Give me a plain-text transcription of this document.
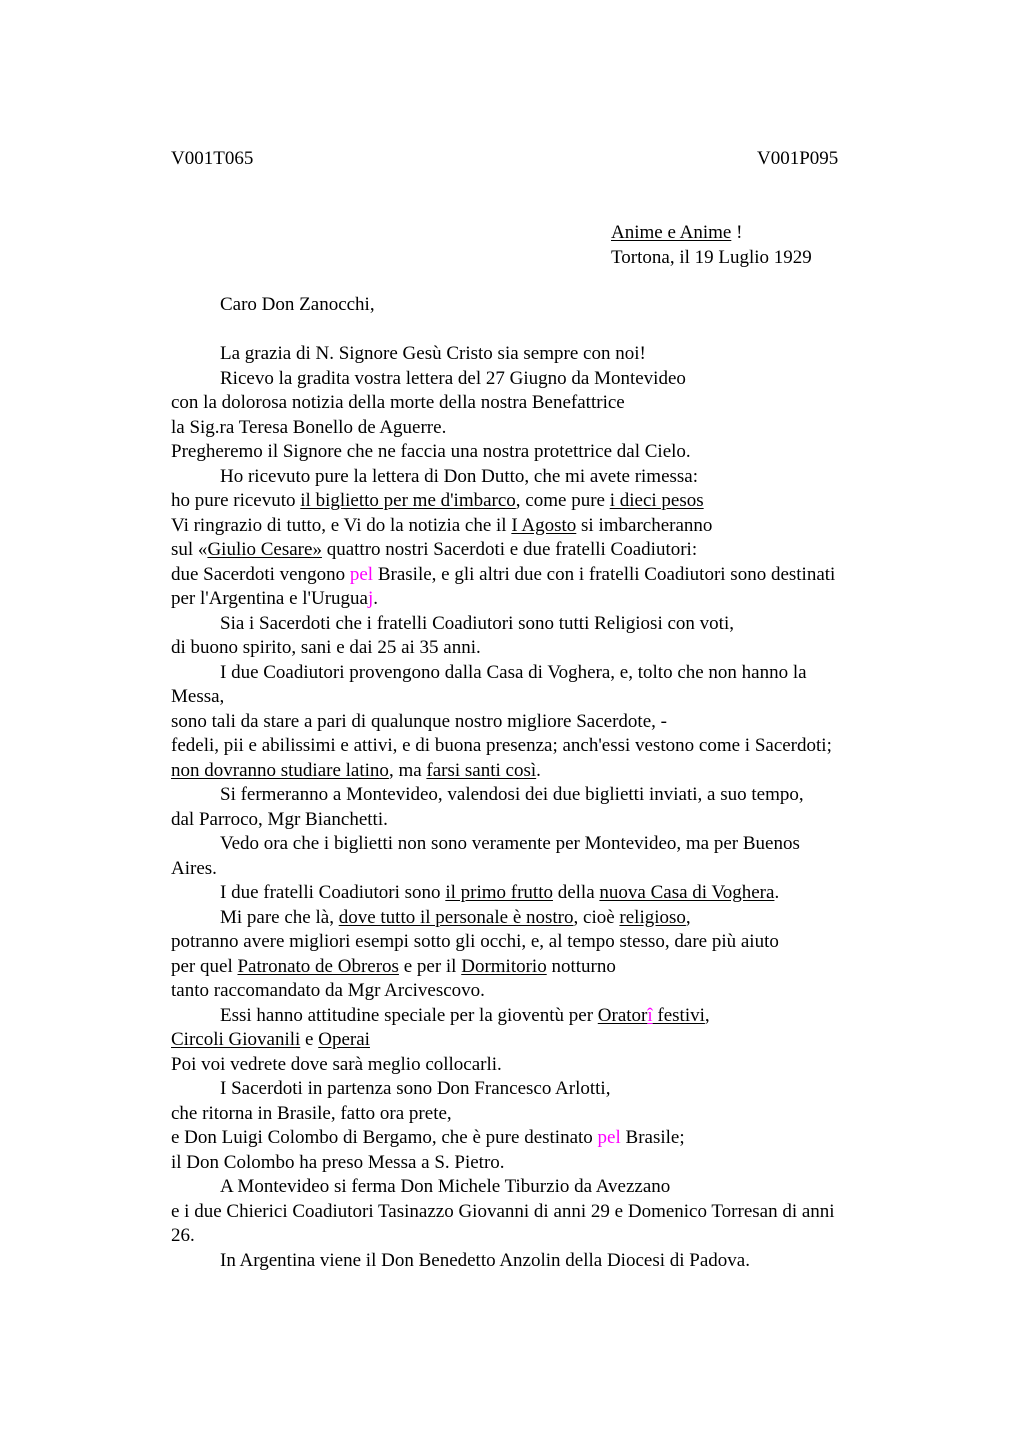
V001T065	V001P095
Anime e Anime !
Tortona, il 19 Luglio 1929
Caro Don Zanocchi,
La grazia di N. Signore Gesù Cristo sia sempre con noi!
Ricevo la gradita vostra lettera del 27 Giugno da Montevideo
con la dolorosa notizia della morte della nostra Benefattrice
la Sig.ra Teresa Bonello de Aguerre.
Pregheremo il Signore che ne faccia una nostra protettrice dal Cielo.
Ho ricevuto pure la lettera di Don Dutto, che mi avete rimessa:
ho pure ricevuto il biglietto per me d'imbarco, come pure i dieci pesos
Vi ringrazio di tutto, e Vi do la notizia che il I Agosto si imbarcheranno
sul «Giulio Cesare» quattro nostri Sacerdoti e due fratelli Coadiutori:
due Sacerdoti vengono pel Brasile, e gli altri due con i fratelli Coadiutori sono destinati
per l'Argentina e l'Uruguaj.
Sia i Sacerdoti che i fratelli Coadiutori sono tutti Religiosi con voti,
di buono spirito, sani e dai 25 ai 35 anni.
I due Coadiutori provengono dalla Casa di Voghera, e, tolto che non hanno la
Messa,
sono tali da stare a pari di qualunque nostro migliore Sacerdote, -
fedeli, pii e abilissimi e attivi, e di buona presenza; anch'essi vestono come i Sacerdoti;
non dovranno studiare latino, ma farsi santi così.
Si fermeranno a Montevideo, valendosi dei due biglietti inviati, a suo tempo,
dal Parroco, Mgr Bianchetti.
Vedo ora che i biglietti non sono veramente per Montevideo, ma per Buenos
Aires.
I due fratelli Coadiutori sono il primo frutto della nuova Casa di Voghera.
Mi pare che là, dove tutto il personale è nostro, cioè religioso,
potranno avere migliori esempi sotto gli occhi, e, al tempo stesso, dare più aiuto
per quel Patronato de Obreros e per il Dormitorio notturno
tanto raccomandato da Mgr Arcivescovo.
Essi hanno attitudine speciale per la gioventù per Oratorî festivi,
Circoli Giovanili e Operai
Poi voi vedrete dove sarà meglio collocarli.
I Sacerdoti in partenza sono Don Francesco Arlotti,
che ritorna in Brasile, fatto ora prete,
e Don Luigi Colombo di Bergamo, che è pure destinato pel Brasile;
il Don Colombo ha preso Messa a S. Pietro.
A Montevideo si ferma Don Michele Tiburzio da Avezzano
e i due Chierici Coadiutori Tasinazzo Giovanni di anni 29 e Domenico Torresan di anni
26.
In Argentina viene il Don Benedetto Anzolin della Diocesi di Padova.
